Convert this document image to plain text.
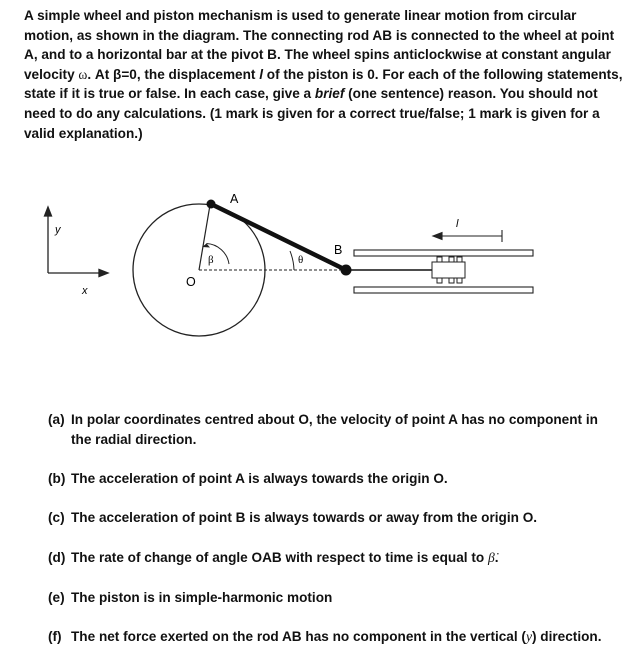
A simple wheel and piston mechanism is used to generate linear motion from circular motion, as shown in the diagram. The connecting rod AB is connected to the wheel at point A, and to a horizontal bar at the pivot B. The wheel spins anticlockwise at constant angular velocity ω. At β=0, the displacement l of the piston is 0. For each of the following statements, state if it is true or false. In each case, give a brief (one sentence) reason. You should not need to do any calculations. (1 mark is given for a correct true/false; 1 mark is given for a valid explanation.)
y
x
A
B
O
β	θ
l
(a) In polar coordinates centred about O, the velocity of point A has no component in
the radial direction.
(b) The acceleration of point A is always towards the origin O.
(c) The acceleration of point B is always towards or away from the origin O.
(d) The rate of change of angle OAB with respect to time is equal to β̇.
(e) The piston is in simple-harmonic motion
(f) The net force exerted on the rod AB has no component in the vertical (y) direction.
